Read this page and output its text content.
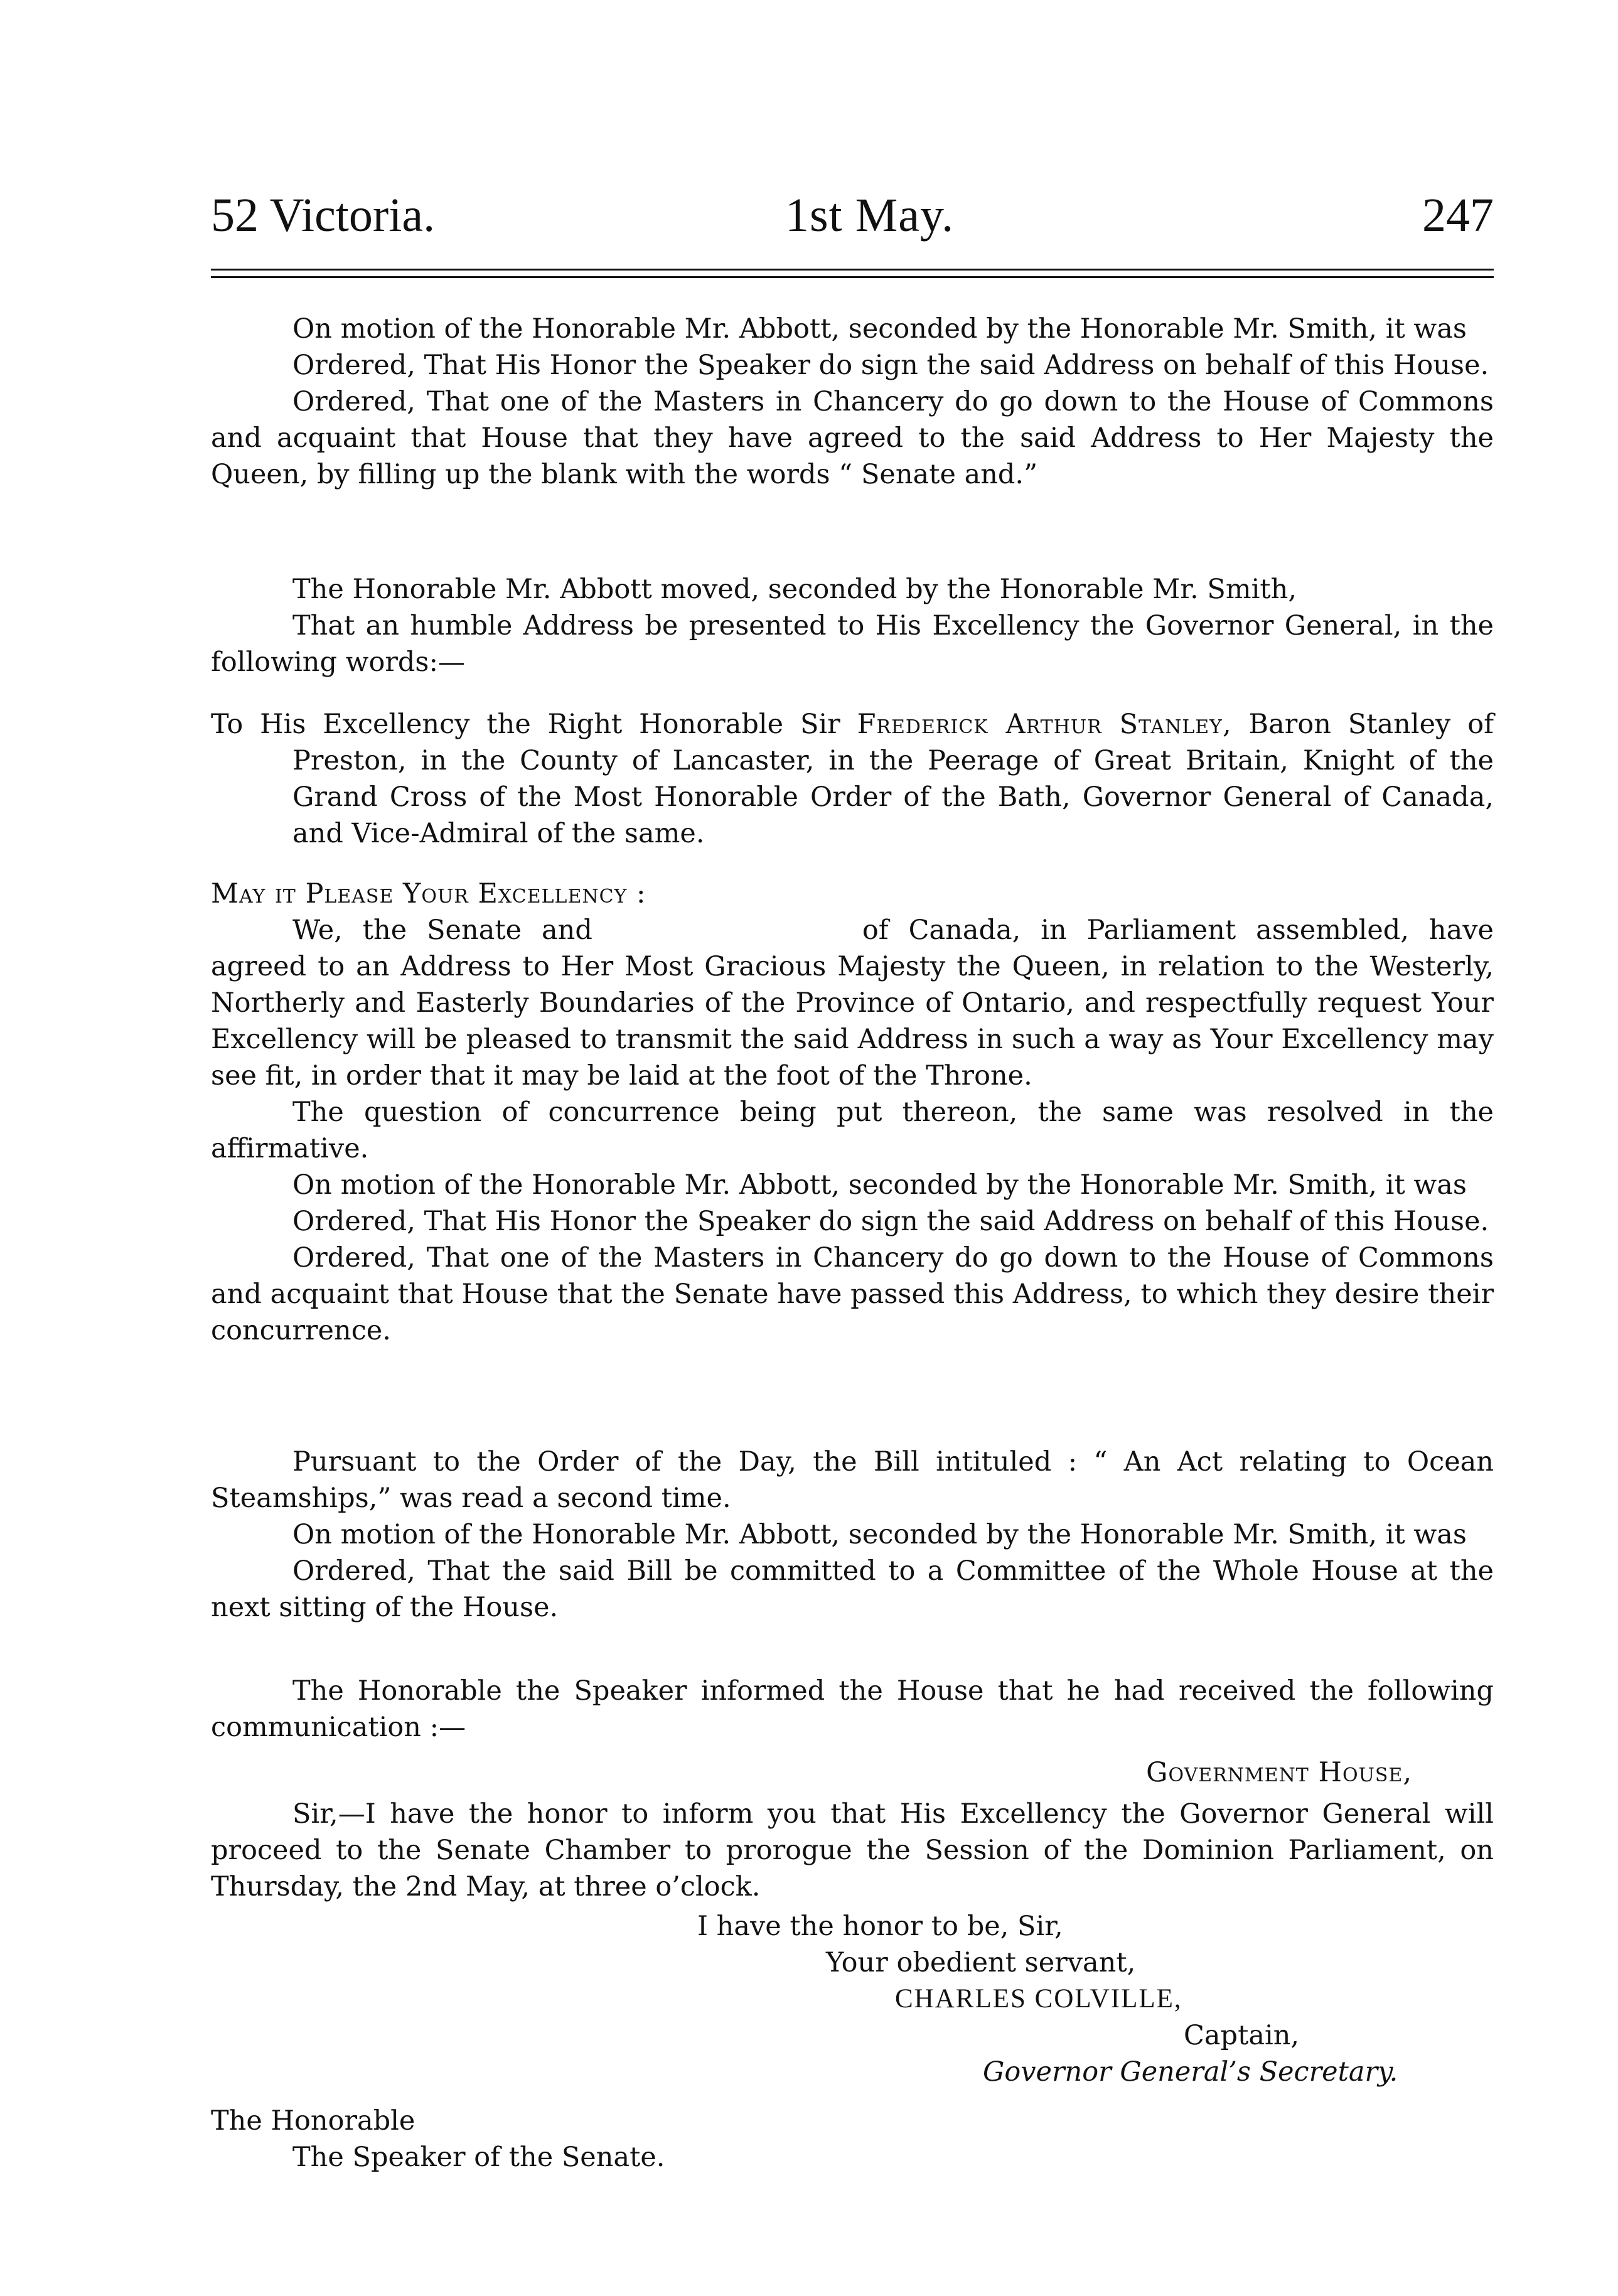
52 Victoria.	1st May.	247

On motion of the Honorable Mr. Abbott, seconded by the Honorable Mr. Smith, it was

Ordered, That His Honor the Speaker do sign the said Address on behalf of this House.

Ordered, That one of the Masters in Chancery do go down to the House of Commons and acquaint that House that they have agreed to the said Address to Her Majesty the Queen, by filling up the blank with the words “ Senate and.”

The Honorable Mr. Abbott moved, seconded by the Honorable Mr. Smith,

That an humble Address be presented to His Excellency the Governor General, in the following words:—

To His Excellency the Right Honorable Sir Frederick Arthur Stanley, Baron Stanley of Preston, in the County of Lancaster, in the Peerage of Great Britain, Knight of the Grand Cross of the Most Honorable Order of the Bath, Governor General of Canada, and Vice-Admiral of the same.

May it Please Your Excellency :

We, the Senate and	of Canada, in Parliament assembled, have agreed to an Address to Her Most Gracious Majesty the Queen, in relation to the Westerly, Northerly and Easterly Boundaries of the Province of Ontario, and respectfully request Your Excellency will be pleased to transmit the said Address in such a way as Your Excellency may see fit, in order that it may be laid at the foot of the Throne.

The question of concurrence being put thereon, the same was resolved in the affirmative.

On motion of the Honorable Mr. Abbott, seconded by the Honorable Mr. Smith, it was

Ordered, That His Honor the Speaker do sign the said Address on behalf of this House.

Ordered, That one of the Masters in Chancery do go down to the House of Commons and acquaint that House that the Senate have passed this Address, to which they desire their concurrence.

Pursuant to the Order of the Day, the Bill intituled : “ An Act relating to Ocean Steamships,” was read a second time.

On motion of the Honorable Mr. Abbott, seconded by the Honorable Mr. Smith, it was

Ordered, That the said Bill be committed to a Committee of the Whole House at the next sitting of the House.

The Honorable the Speaker informed the House that he had received the following communication :—

Government House,

Sir,—I have the honor to inform you that His Excellency the Governor General will proceed to the Senate Chamber to prorogue the Session of the Dominion Parliament, on Thursday, the 2nd May, at three o’clock.

I have the honor to be, Sir,

Your obedient servant,

CHARLES COLVILLE,

Captain,

Governor General’s Secretary.

The Honorable

The Speaker of the Senate.
